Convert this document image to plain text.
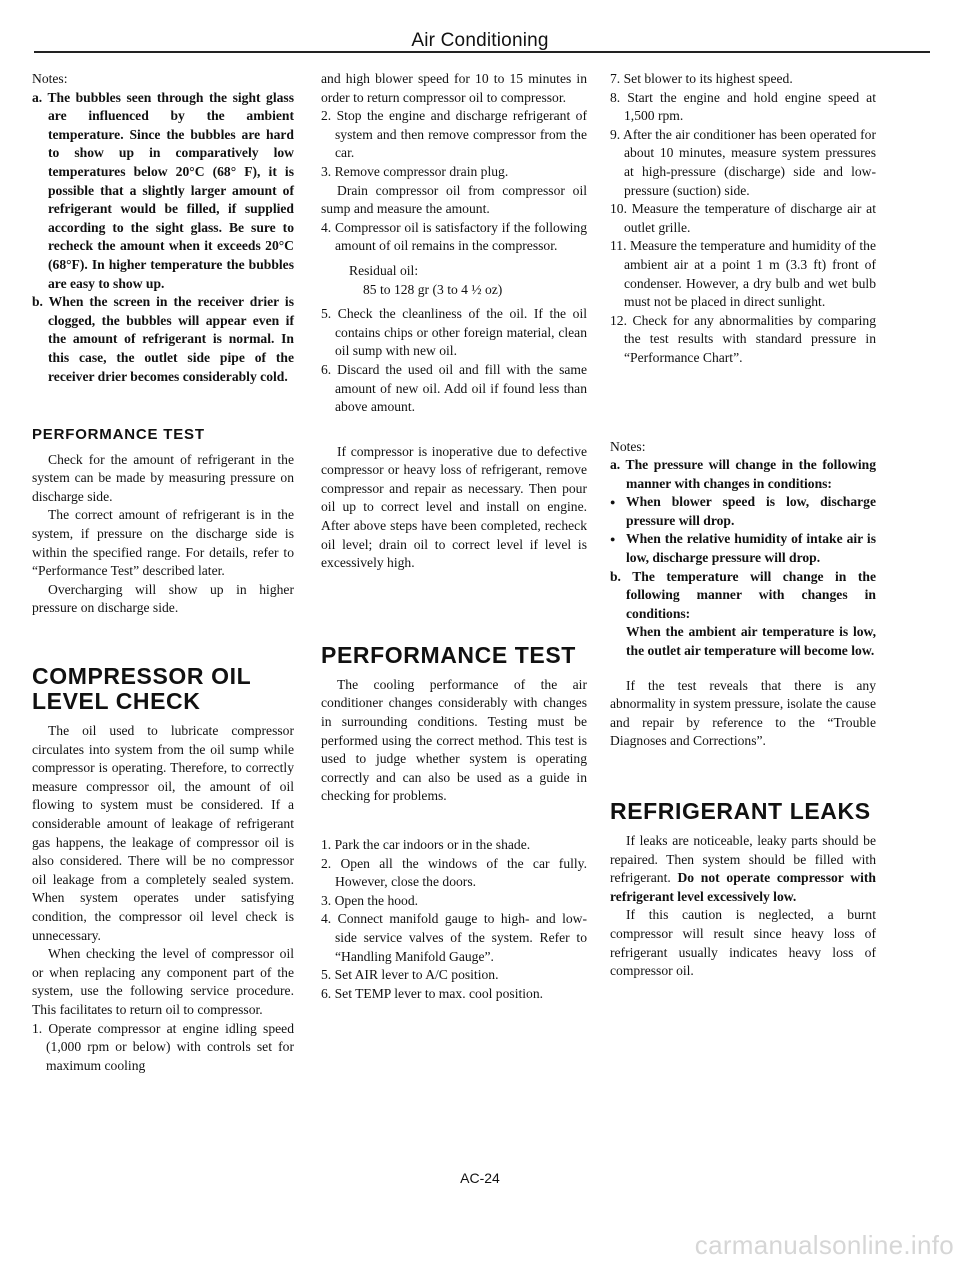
Air Conditioning

Notes:

a. The bubbles seen through the sight glass are influenced by the ambient temperature. Since the bubbles are hard to show up in comparatively low temperatures below 20°C (68° F), it is possible that a slightly larger amount of refrigerant would be filled, if supplied according to the sight glass. Be sure to recheck the amount when it exceeds 20°C (68°F). In higher temperature the bubbles are easy to show up.

b. When the screen in the receiver drier is clogged, the bubbles will appear even if the amount of refrigerant is normal. In this case, the outlet side pipe of the receiver drier becomes considerably cold.

PERFORMANCE TEST

Check for the amount of refrigerant in the system can be made by measuring pressure on discharge side.

The correct amount of refrigerant is in the system, if pressure on the discharge side is within the specified range. For details, refer to “Performance Test” described later.

Overcharging will show up in higher pressure on discharge side.

COMPRESSOR OIL LEVEL CHECK

The oil used to lubricate compressor circulates into system from the oil sump while compressor is operating. Therefore, to correctly measure compressor oil, the amount of oil flowing to system must be considered. If a considerable amount of leakage of refrigerant gas happens, the leakage of compressor oil is also considered. There will be no compressor oil leakage from a completely sealed system. When system operates under satisfying condition, the compressor oil level check is unnecessary.

When checking the level of compressor oil or when replacing any component part of the system, use the following service procedure. This facilitates to return oil to compressor.

1. Operate compressor at engine idling speed (1,000 rpm or below) with controls set for maximum cooling

and high blower speed for 10 to 15 minutes in order to return compressor oil to compressor.

2. Stop the engine and discharge refrigerant of system and then remove compressor from the car.

3. Remove compressor drain plug.

Drain compressor oil from compressor oil sump and measure the amount.

4. Compressor oil is satisfactory if the following amount of oil remains in the compressor.

Residual oil:

85 to 128 gr (3 to 4 ½ oz)

5. Check the cleanliness of the oil. If the oil contains chips or other foreign material, clean oil sump with new oil.

6. Discard the used oil and fill with the same amount of new oil. Add oil if found less than above amount.

If compressor is inoperative due to defective compressor or heavy loss of refrigerant, remove compressor and repair as necessary. Then pour oil up to correct level and install on engine. After above steps have been completed, recheck oil level; drain oil to correct level if level is excessively high.

PERFORMANCE TEST

The cooling performance of the air conditioner changes considerably with changes in surrounding conditions. Testing must be performed using the correct method. This test is used to judge whether system is operating correctly and can also be used as a guide in checking for problems.

1. Park the car indoors or in the shade.

2. Open all the windows of the car fully. However, close the doors.

3. Open the hood.

4. Connect manifold gauge to high- and low-side service valves of the system. Refer to “Handling Manifold Gauge”.

5. Set AIR lever to A/C position.

6. Set TEMP lever to max. cool position.

7. Set blower to its highest speed.

8. Start the engine and hold engine speed at 1,500 rpm.

9. After the air conditioner has been operated for about 10 minutes, measure system pressures at high-pressure (discharge) side and low-pressure (suction) side.

10. Measure the temperature of discharge air at outlet grille.

11. Measure the temperature and humidity of the ambient air at a point 1 m (3.3 ft) front of condenser. However, a dry bulb and wet bulb must not be placed in direct sunlight.

12. Check for any abnormalities by comparing the test results with standard pressure in “Performance Chart”.

Notes:

a. The pressure will change in the following manner with changes in conditions:

● When blower speed is low, discharge pressure will drop.

● When the relative humidity of intake air is low, discharge pressure will drop.

b. The temperature will change in the following manner with changes in conditions:

When the ambient air temperature is low, the outlet air temperature will become low.

If the test reveals that there is any abnormality in system pressure, isolate the cause and repair by reference to the “Trouble Diagnoses and Corrections”.

REFRIGERANT LEAKS

If leaks are noticeable, leaky parts should be repaired. Then system should be filled with refrigerant. Do not operate compressor with refrigerant level excessively low.

If this caution is neglected, a burnt compressor will result since heavy loss of refrigerant usually indicates heavy loss of compressor oil.

AC-24
carmanualsonline.info
